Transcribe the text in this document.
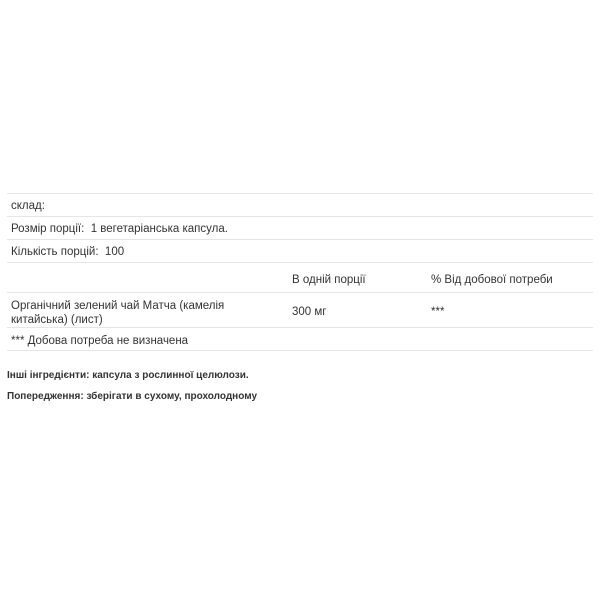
склад:
Розмір порції: 1 вегетаріанська капсула.
Кількість порцій: 100
В одній порції	% Від добової потреби
Органічний зелений чай Матча (камелія китайська) (лист)
300 мг	***
*** Добова потреба не визначена
Інші інгредієнти: капсула з рослинної целюлози.
Попередження: зберігати в сухому, прохолодному
